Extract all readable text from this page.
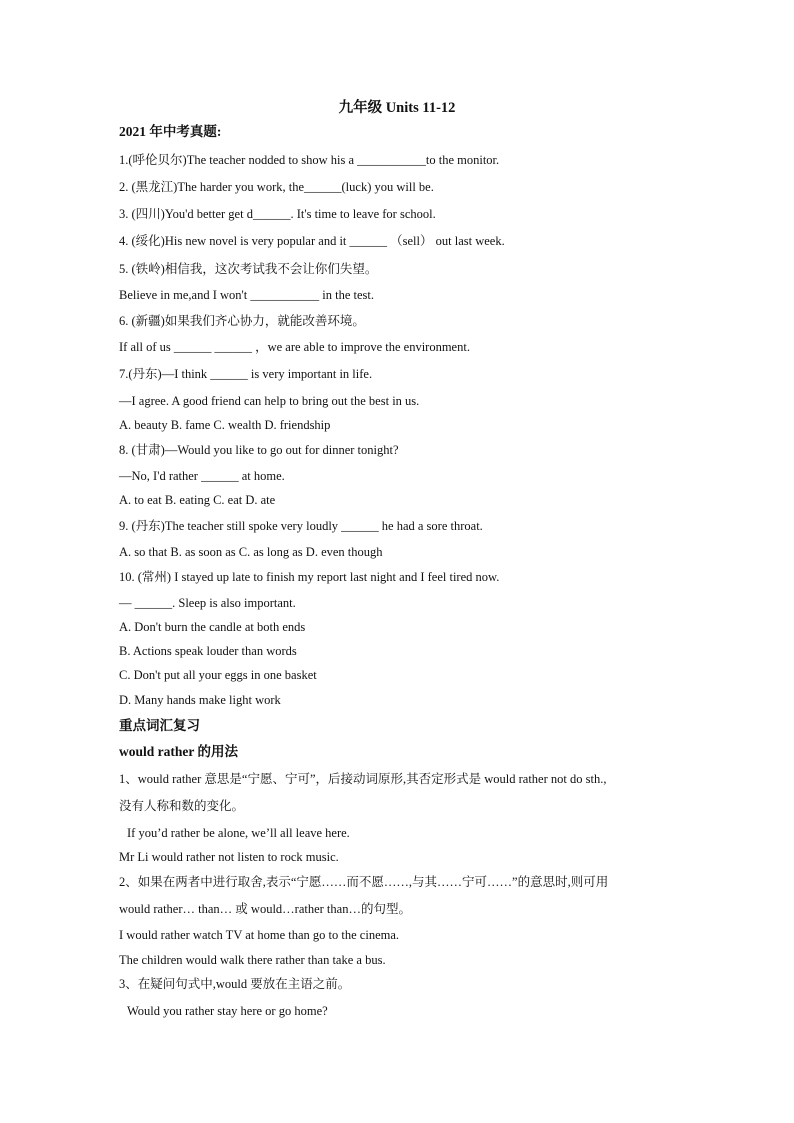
九年级 Units 11-12
2021 年中考真题:
1.(呼伦贝尔)The teacher nodded to show his a ___________to the monitor.
2. (黑龙江)The harder you work, the______(luck) you will be.
3. (四川)You'd better get d______. It's time to leave for school.
4. (绥化)His new novel is very popular and it ______ （sell） out last week.
5. (铁岭)相信我，这次考试我不会让你们失望。
Believe in me,and I won't ___________ in the test.
6. (新疆)如果我们齐心协力，就能改善环境。
If all of us ______ ______ ，we are able to improve the environment.
7.(丹东)—I think ______ is very important in life.
—I agree. A good friend can help to bring out the best in us.
A. beauty B. fame C. wealth D. friendship
8. (甘肃)—Would you like to go out for dinner tonight?
—No, I'd rather ______ at home.
A. to eat B. eating C. eat D. ate
9. (丹东)The teacher still spoke very loudly ______ he had a sore throat.
A. so that B. as soon as C. as long as D. even though
10. (常州) I stayed up late to finish my report last night and I feel tired now.
— ______. Sleep is also important.
A. Don't burn the candle at both ends
B. Actions speak louder than words
C. Don't put all your eggs in one basket
D. Many hands make light work
重点词汇复习
would rather 的用法
1、would rather 意思是“宁愿、宁可”，后接动词原形,其否定形式是 would rather not do sth.,
没有人称和数的变化。
If you’d rather be alone, we’ll all leave here.
Mr Li would rather not listen to rock music.
2、如果在两者中进行取舍,表示“宁愿……而不愿……,与其……宁可……”的意思时,则可用
would rather… than… 或 would…rather than…的句型。
I would rather watch TV at home than go to the cinema.
The children would walk there rather than take a bus.
3、在疑问句式中,would 要放在主语之前。
Would you rather stay here or go home?
